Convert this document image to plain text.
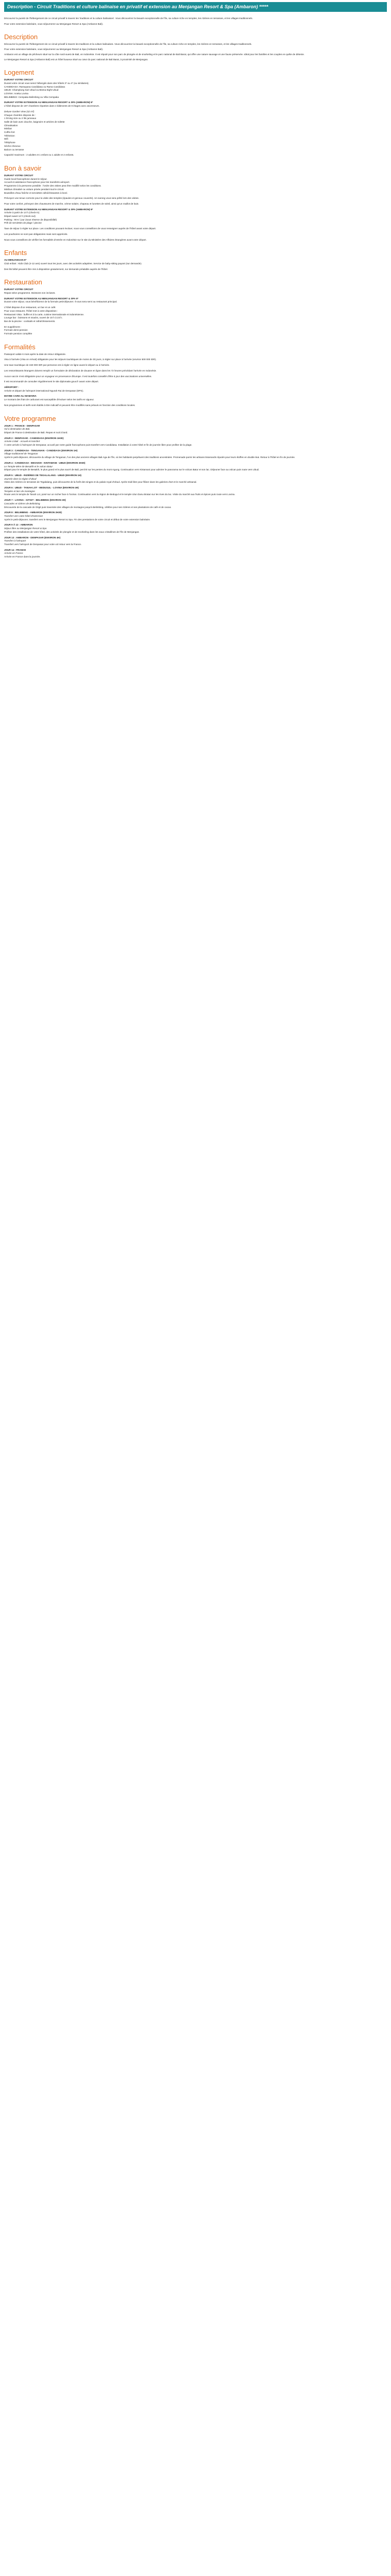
Description - Circuit Traditions et culture balinaise en privatif et extension au Menjangan Resort & Spa (Ambaron) *****

Découvrez la pureté de l'hébergement de ce circuit privatif à travers les 'traditions et la culture balinaises'. Vous découvrirez la beauté exceptionnelle de l'île, sa culture riche en temples, les rizières en terrasses, et les villages traditionnels.

Pour votre extension balnéaire, vous séjournerez au Menjangan Resort & Spa (Ambaron Bali).

Description

Découvrez la pureté de l'hébergement de ce circuit privatif à travers les traditions et la culture balinaises. Vous découvrirez la beauté exceptionnelle de l'île, sa culture riche en temples, les rizières en terrasses, et les villages traditionnels.

Pour votre extension balnéaire, vous séjournerez au Menjangan Resort & Spa (Ambaron Bali).

Ambaron est un village de pêcheurs situé sur la côte nord-ouest de Bali, en Indonésie. Il est réputé pour son parc de plongée et de snorkeling et le parc national de Bali Barat, qui offre une nature sauvage et une faune préservée. Idéal pour les familles et les couples en quête de détente.

Le Menjangan Resort & Spa (Ambaron Bali) est un hôtel luxueux situé au cœur du parc national de Bali Barat, à proximité de Menjangan.

Logement

DURANT VOTRE CIRCUIT

Durant votre circuit vous serez hébergés dans des hôtels 3* ou 4* (ou similaires).

CANDIDASA: Ramayana Candidasa ou Rama Candidasa

UBUD: Champlung Sari Ubud ou Bisma Eight Ubud

LOVINA: Aneka Lovina

BELIMBING: Cempaka Belimbing ou Villa Cempaka

DURANT VOTRE EXTENSION AU MENJANGAN RESORT & SPA (AMBARON) 5*

L'hôtel dispose de 197 chambres réparties dans 4 bâtiments de 8 étages avec ascenseurs.

Deluxe Garden View (42 m²)

Chaque chambre dispose de :

1 lit king size ou 2 lits jumeaux

Salle de bain avec douche, baignoire et articles de toilette

Climatisation

Minibar

Coffre-fort

Télévision

Wifi

Téléphone

Sèche-cheveux

Balcon ou terrasse

Capacité maximum : 2 adultes et 1 enfant ou 1 adulte et 2 enfants.

Bon à savoir

DURANT VOTRE CIRCUIT

Guide local francophone durant le séjour.

Accueil et assistance francophone pour les transferts aéroport.

Programme à la personne possible : l'ordre des visites peut être modifié selon les conditions.

Minibus climatisé ou voiture privée pendant tout le circuit.

Bouteilles d'eau fraîche et serviettes rafraîchissantes à bord.

Prévoyez une tenue correcte pour la visite des temples (épaules et genoux couverts). Un sarong vous sera prêté lors des visites.

Pour votre confort, prévoyez des chaussures de marche, crème solaire, chapeau et lunettes de soleil, ainsi qu'un maillot de bain.

DURANT VOTRE EXTENSION AU MENJANGAN RESORT & SPA (AMBARON) 5*

Arrivée à partir de 14 h (check-in)

Départ avant 12 h (check-out)

Parking : 90 € / jour (sous réserve de disponibilité)

Prêt de serviettes de plage / piscine

Taxe de séjour à régler sur place. Les conditions pouvant évoluer, nous vous conseillons de vous renseigner auprès de l'hôtel avant votre départ.

Les pourboires ne sont pas obligatoires mais sont appréciés.

Nous vous conseillons de vérifier les formalités d'entrée en Indonésie sur le site du Ministère des Affaires étrangères avant votre départ.

Enfants

AU MENJANGAN 5*

Club enfant : Kids Club (4-12 ans) ouvert tous les jours, avec des activités adaptées. Service de baby-sitting payant (sur demande).

Des lits bébé peuvent être mis à disposition gratuitement, sur demande préalable auprès de l'hôtel.

Restauration

DURANT VOTRE CIRCUIT

Repas selon programme. Boissons non incluses.

DURANT VOTRE EXTENSION AU MENJANGAN RESORT & SPA 5*

Durant votre séjour, vous bénéficierez de la formule petit-déjeuner. Il vous sera servi au restaurant principal.

L'hôtel dispose d'un restaurant, un bar et un café.

Pour vous restaurer, l'hôtel met à votre disposition :

Restaurant Vista : buffet et à la carte, cuisine internationale et indonésienne.

Lounge bar : boissons et snacks, ouvert de 10 h à 23 h.

Bar de la piscine : cocktails et rafraîchissements.

En supplément :

Formule demi-pension

Formule pension complète

Formalités

Passeport valide 6 mois après la date de retour obligatoire.

Visa à l'arrivée (Visa on Arrival) obligatoire pour les séjours touristiques de moins de 30 jours, à régler sur place à l'arrivée (environ 500 000 IDR).

Une taxe touristique de 150 000 IDR par personne est à régler en ligne avant le départ ou à l'arrivée.

Les ressortissants étrangers doivent remplir un formulaire de déclaration de douane en ligne dans les 72 heures précédant l'arrivée en Indonésie.

Aucun vaccin n'est obligatoire pour un voyageur en provenance d'Europe. Il est toutefois conseillé d'être à jour des vaccinations universelles.

Il est recommandé de consulter régulièrement le site diplomatie.gouv.fr avant votre départ.

AÉROPORT :

Arrivée et départ de l'aéroport international Ngurah Rai de Denpasar (DPS).

MAYBE CARD ALI MAMARIA

Le montant des frais de carburant est susceptible d'évoluer selon les tarifs en vigueur.

Nos programmes et tarifs sont établis à titre indicatif et peuvent être modifiés sans préavis en fonction des conditions locales.

Votre programme

JOUR 1 : FRANCE - DENPASAR

Vol à destination de Bali.

Départ de France à destination de Bali. Repas et nuit à bord.

JOUR 2 : DENPASAR - CANDIDASA (ENVIRON 1H30)

Arrivée à Bali - Accueil et transfert

À votre arrivée à l'aéroport de Denpasar, accueil par notre guide francophone puis transfert vers Candidasa. Installation à votre hôtel et fin de journée libre pour profiter de la plage.

JOUR 3 : CANDIDASA - TENGANAN - CANDIDASA (ENVIRON 1H)

Village traditionnel de Tenganan

Après le petit-déjeuner, découverte du village de Tenganan, l'un des plus anciens villages Bali Aga de l'île, où les habitants perpétuent des traditions ancestrales. Promenade parmi les artisans tisserands réputés pour leurs étoffes en double ikat. Retour à l'hôtel en fin de journée.

JOUR 4 : CANDIDASA - BESAKIH - KINTAMANI - UBUD (ENVIRON 3H30)

Le Temple-Mère de Besakih et le volcan Batur

Départ pour le temple de Besakih, le plus grand et le plus sacré de Bali, perché sur les pentes du mont Agung. Continuation vers Kintamani pour admirer le panorama sur le volcan Batur et son lac. Déjeuner face au volcan puis route vers Ubud.

JOUR 5 : UBUD - RIZIÈRES DE TEGALALANG - UBUD (ENVIRON 1H)

Journée dans la région d'Ubud

Visite des rizières en terrasses de Tegalalang, puis découverte de la forêt des singes et du palais royal d'Ubud. Après-midi libre pour flâner dans les galeries d'art et le marché artisanal.

JOUR 6 : UBUD - TANAH LOT - BEDUGUL - LOVINA (ENVIRON 4H)

Temples et lacs de montagne

Route vers le temple de Tanah Lot, posé sur un rocher face à l'océan. Continuation vers la région de Bedugul et le temple Ulun Danu Bratan sur les rives du lac. Visite du marché aux fruits et épices puis route vers Lovina.

JOUR 7 : LOVINA - GITGIT - BELIMBING (ENVIRON 3H)

Cascades et rizières de Belimbing

Découverte de la cascade de Gitgit puis traversée des villages de montagne jusqu'à Belimbing, célèbre pour ses rizières et ses plantations de café et de cacao.

JOUR 8 : BELIMBING - AMBARON (ENVIRON 2H30)

Transfert vers votre hôtel d'extension

Après le petit-déjeuner, transfert vers le Menjangan Resort & Spa. Fin des prestations de votre circuit et début de votre extension balnéaire.

JOUR 9 À 12 : AMBARON

Séjour libre au Menjangan Resort & Spa

Profitez des installations de votre hôtel, des activités de plongée et de snorkeling dans les eaux cristallines de l'île de Menjangan.

JOUR 13 : AMBARON - DENPASAR (ENVIRON 4H)

Transfert à l'aéroport

Transfert vers l'aéroport de Denpasar pour votre vol retour vers la France.

JOUR 14 : FRANCE

Arrivée en France

Arrivée en France dans la journée.
